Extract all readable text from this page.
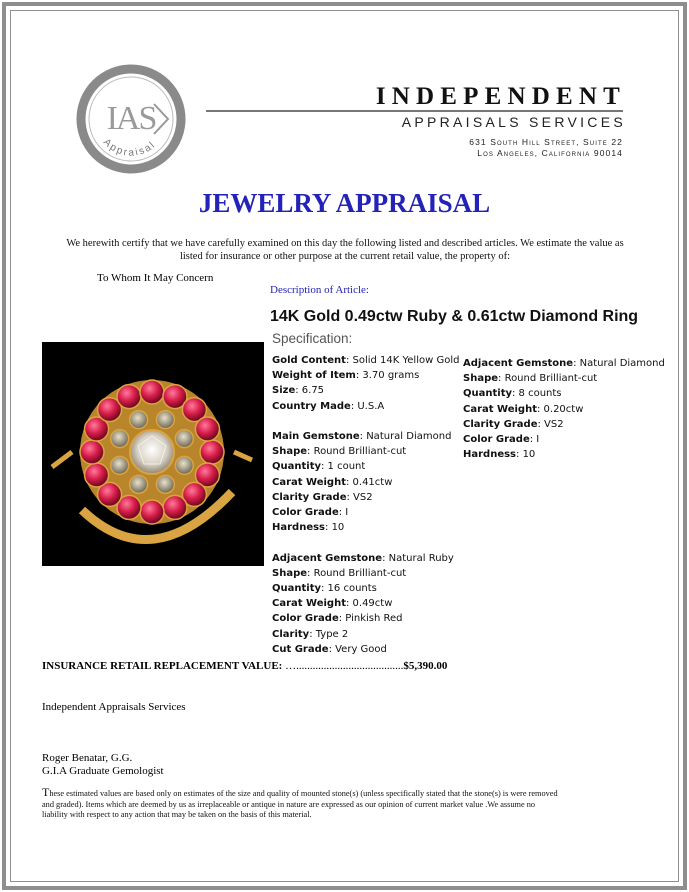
IAS
Appraisal
INDEPENDENT
APPRAISALS SERVICES
631 South Hill Street, Suite 22
Los Angeles, California 90014
JEWELRY APPRAISAL
We herewith certify that we have carefully examined on this day the following listed and described articles. We estimate the value as listed for insurance or other purpose at the current retail value, the property of:
To Whom It May Concern
Description of Article:
14K Gold 0.49ctw Ruby & 0.61ctw Diamond Ring
Specification:
Gold Content: Solid 14K Yellow Gold
Weight of Item: 3.70 grams
Size: 6.75
Country Made: U.S.A
Main Gemstone: Natural Diamond
Shape: Round Brilliant-cut
Quantity: 1 count
Carat Weight: 0.41ctw
Clarity Grade: VS2
Color Grade: I
Hardness: 10
Adjacent Gemstone: Natural Ruby
Shape: Round Brilliant-cut
Quantity: 16 counts
Carat Weight: 0.49ctw
Color Grade: Pinkish Red
Clarity: Type 2
Cut Grade: Very Good
Adjacent Gemstone: Natural Diamond
Shape: Round Brilliant-cut
Quantity: 8 counts
Carat Weight: 0.20ctw
Clarity Grade: VS2
Color Grade: I
Hardness: 10
INSURANCE RETAIL REPLACEMENT VALUE: ….......................................$5,390.00
Independent Appraisals Services
Roger Benatar, G.G.
G.I.A Graduate Gemologist
These estimated values are based only on estimates of the size and quality of mounted stone(s) (unless specifically stated that the stone(s) is were removed and graded). Items which are deemed by us as irreplaceable or antique in nature are expressed as our opinion of current market value .We assume no liability with respect to any action that may be taken on the basis of this material.
